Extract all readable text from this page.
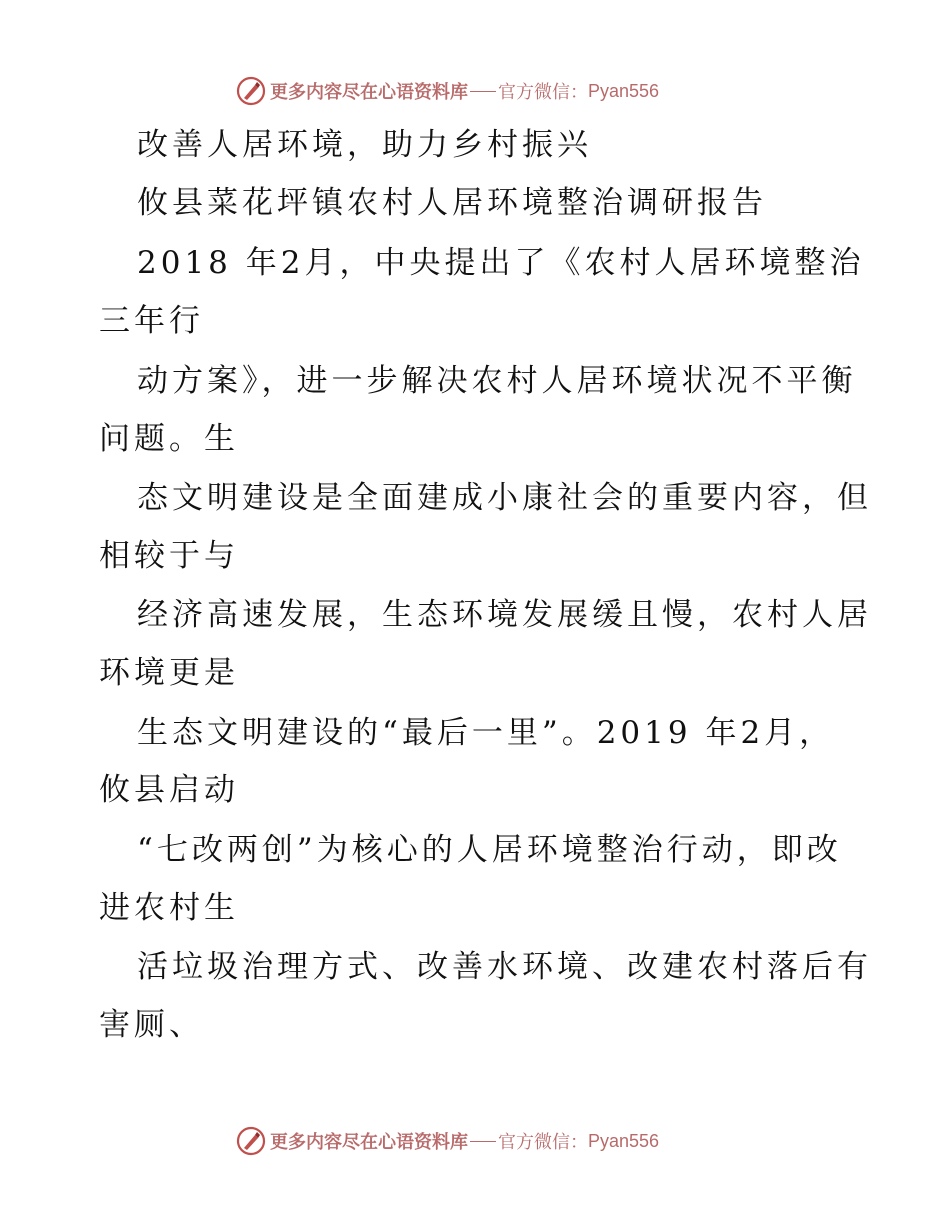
更多内容尽在心语资料库 官方微信： Pyan556
改善人居环境，助力乡村振兴
攸县菜花坪镇农村人居环境整治调研报告
2018 年2月，中央提出了《农村人居环境整治
三年行
动方案》，进一步解决农村人居环境状况不平衡
问题。生
态文明建设是全面建成小康社会的重要内容，但
相较于与
经济高速发展，生态环境发展缓且慢，农村人居
环境更是
生态文明建设的“最后一里”。2019 年2月，
攸县启动
“七改两创”为核心的人居环境整治行动，即改
进农村生
活垃圾治理方式、改善水环境、改建农村落后有
害厕、
更多内容尽在心语资料库 官方微信： Pyan556
